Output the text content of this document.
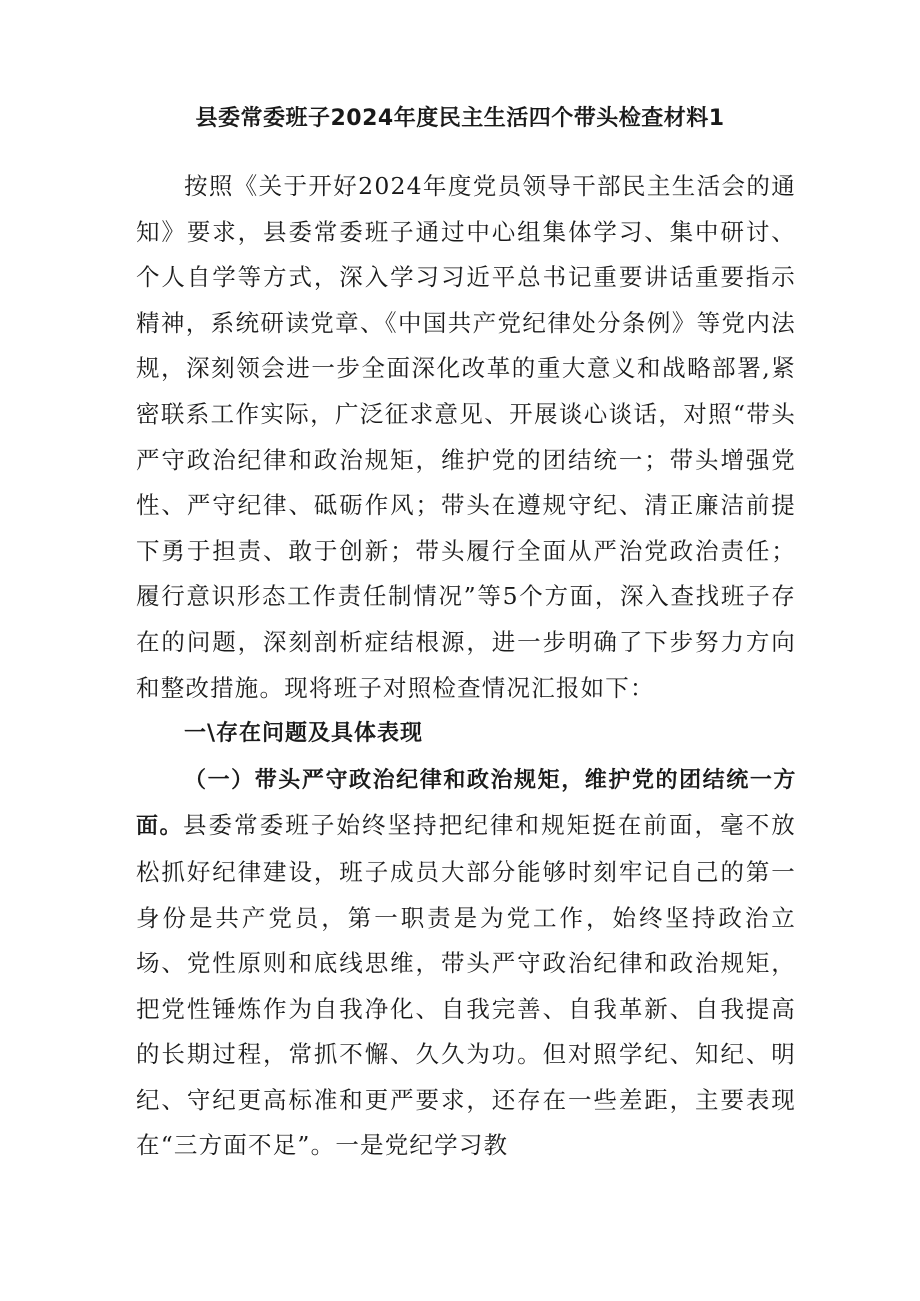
县委常委班子2024年度民主生活四个带头检查材料1

按照《关于开好2024年度党员领导干部民主生活会的通知》要求，县委常委班子通过中心组集体学习、集中研讨、个人自学等方式，深入学习习近平总书记重要讲话重要指示精神，系统研读党章、《中国共产党纪律处分条例》等党内法规，深刻领会进一步全面深化改革的重大意义和战略部署,紧密联系工作实际，广泛征求意见、开展谈心谈话，对照“带头严守政治纪律和政治规矩，维护党的团结统一；带头增强党性、严守纪律、砥砺作风；带头在遵规守纪、清正廉洁前提下勇于担责、敢于创新；带头履行全面从严治党政治责任；履行意识形态工作责任制情况”等5个方面，深入查找班子存在的问题，深刻剖析症结根源，进一步明确了下步努力方向和整改措施。现将班子对照检查情况汇报如下：

一\存在问题及具体表现

（一）带头严守政治纪律和政治规矩，维护党的团结统一方面。县委常委班子始终坚持把纪律和规矩挺在前面，毫不放松抓好纪律建设，班子成员大部分能够时刻牢记自己的第一身份是共产党员，第一职责是为党工作，始终坚持政治立场、党性原则和底线思维，带头严守政治纪律和政治规矩，把党性锤炼作为自我净化、自我完善、自我革新、自我提高的长期过程，常抓不懈、久久为功。但对照学纪、知纪、明纪、守纪更高标准和更严要求，还存在一些差距，主要表现在“三方面不足”。一是党纪学习教
